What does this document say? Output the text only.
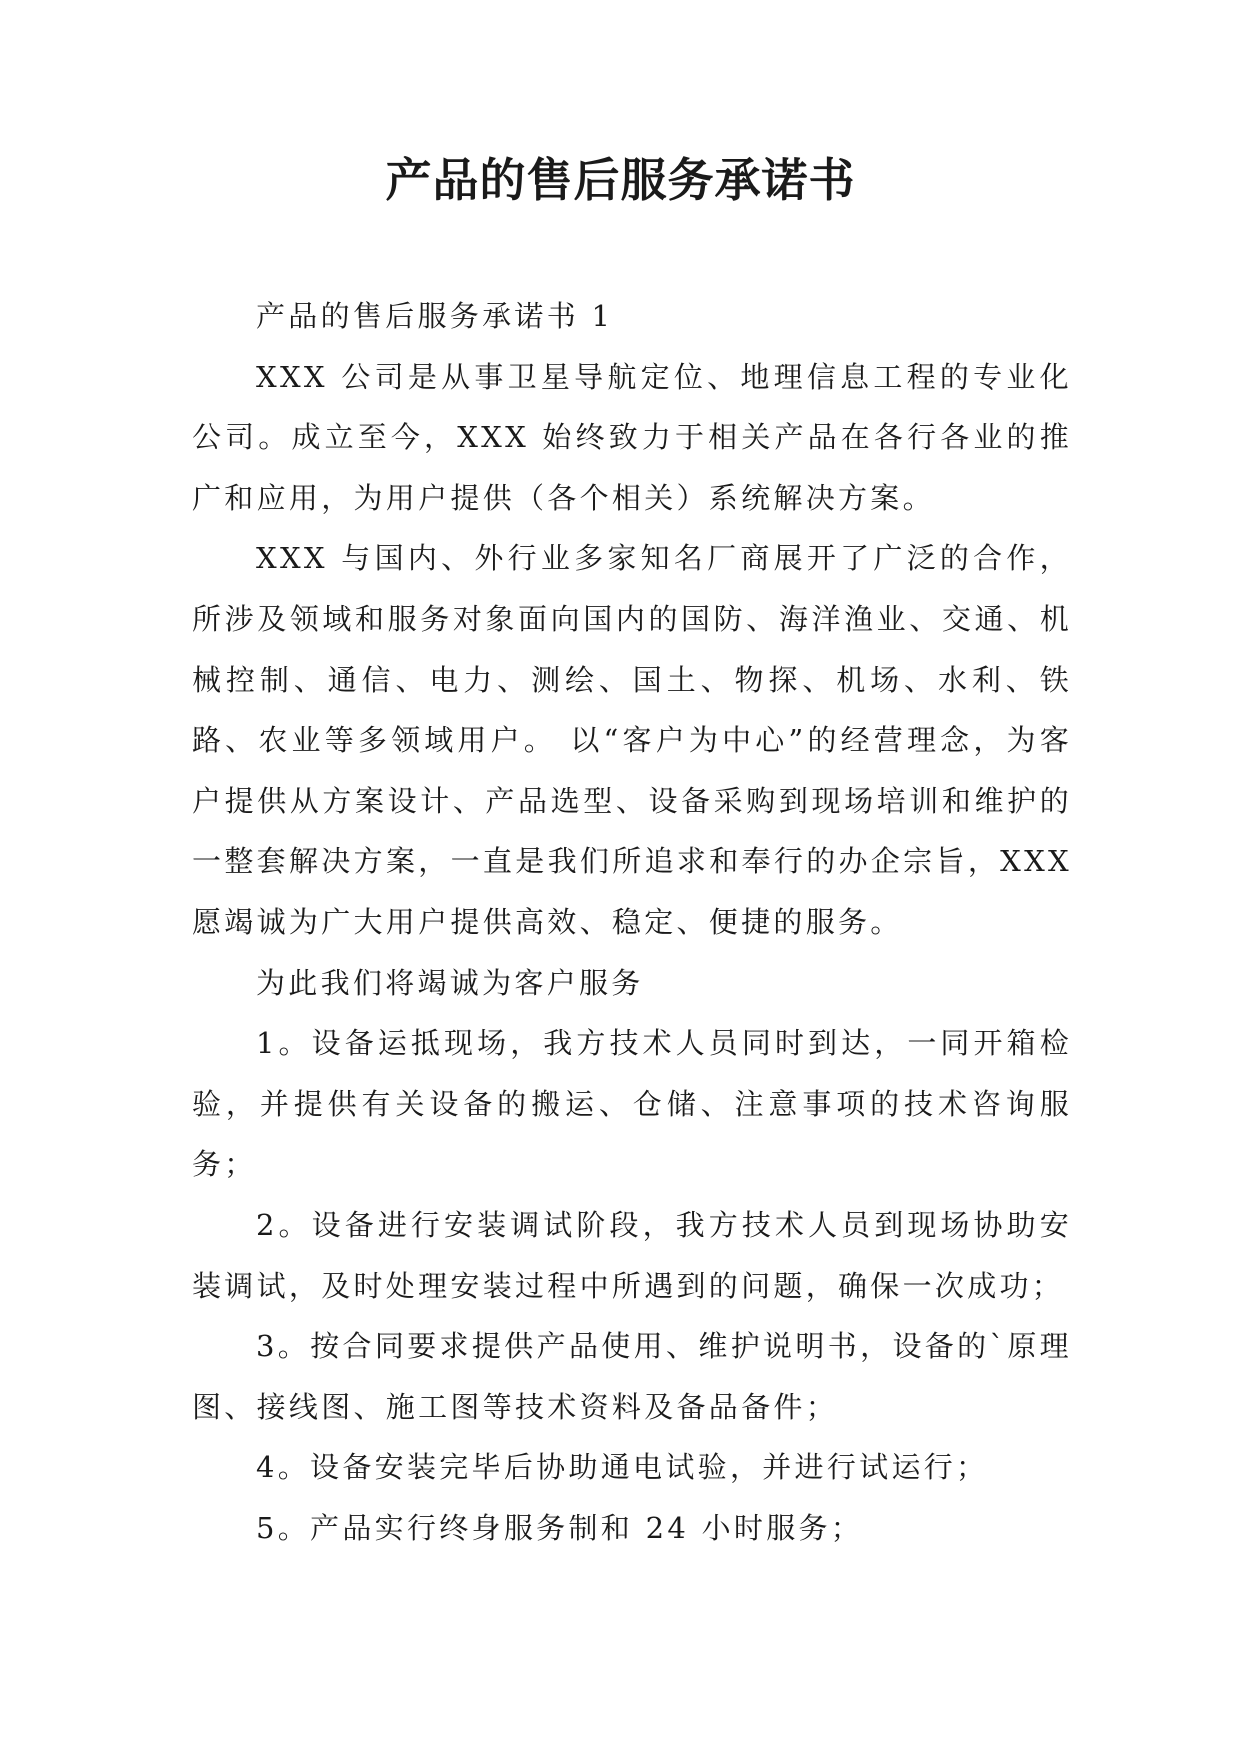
产品的售后服务承诺书

产品的售后服务承诺书 1

XXX 公司是从事卫星导航定位、地理信息工程的专业化公司。成立至今，XXX 始终致力于相关产品在各行各业的推广和应用，为用户提供（各个相关）系统解决方案。

XXX 与国内、外行业多家知名厂商展开了广泛的合作，所涉及领域和服务对象面向国内的国防、海洋渔业、交通、机械控制、通信、电力、测绘、国土、物探、机场、水利、铁路、农业等多领域用户。 以“客户为中心”的经营理念，为客户提供从方案设计、产品选型、设备采购到现场培训和维护的一整套解决方案，一直是我们所追求和奉行的办企宗旨，XXX 愿竭诚为广大用户提供高效、稳定、便捷的服务。

为此我们将竭诚为客户服务

1。设备运抵现场，我方技术人员同时到达，一同开箱检验，并提供有关设备的搬运、仓储、注意事项的技术咨询服务；

2。设备进行安装调试阶段，我方技术人员到现场协助安装调试，及时处理安装过程中所遇到的问题，确保一次成功；

3。按合同要求提供产品使用、维护说明书，设备的`原理图、接线图、施工图等技术资料及备品备件；

4。设备安装完毕后协助通电试验，并进行试运行；

5。产品实行终身服务制和 24 小时服务；
